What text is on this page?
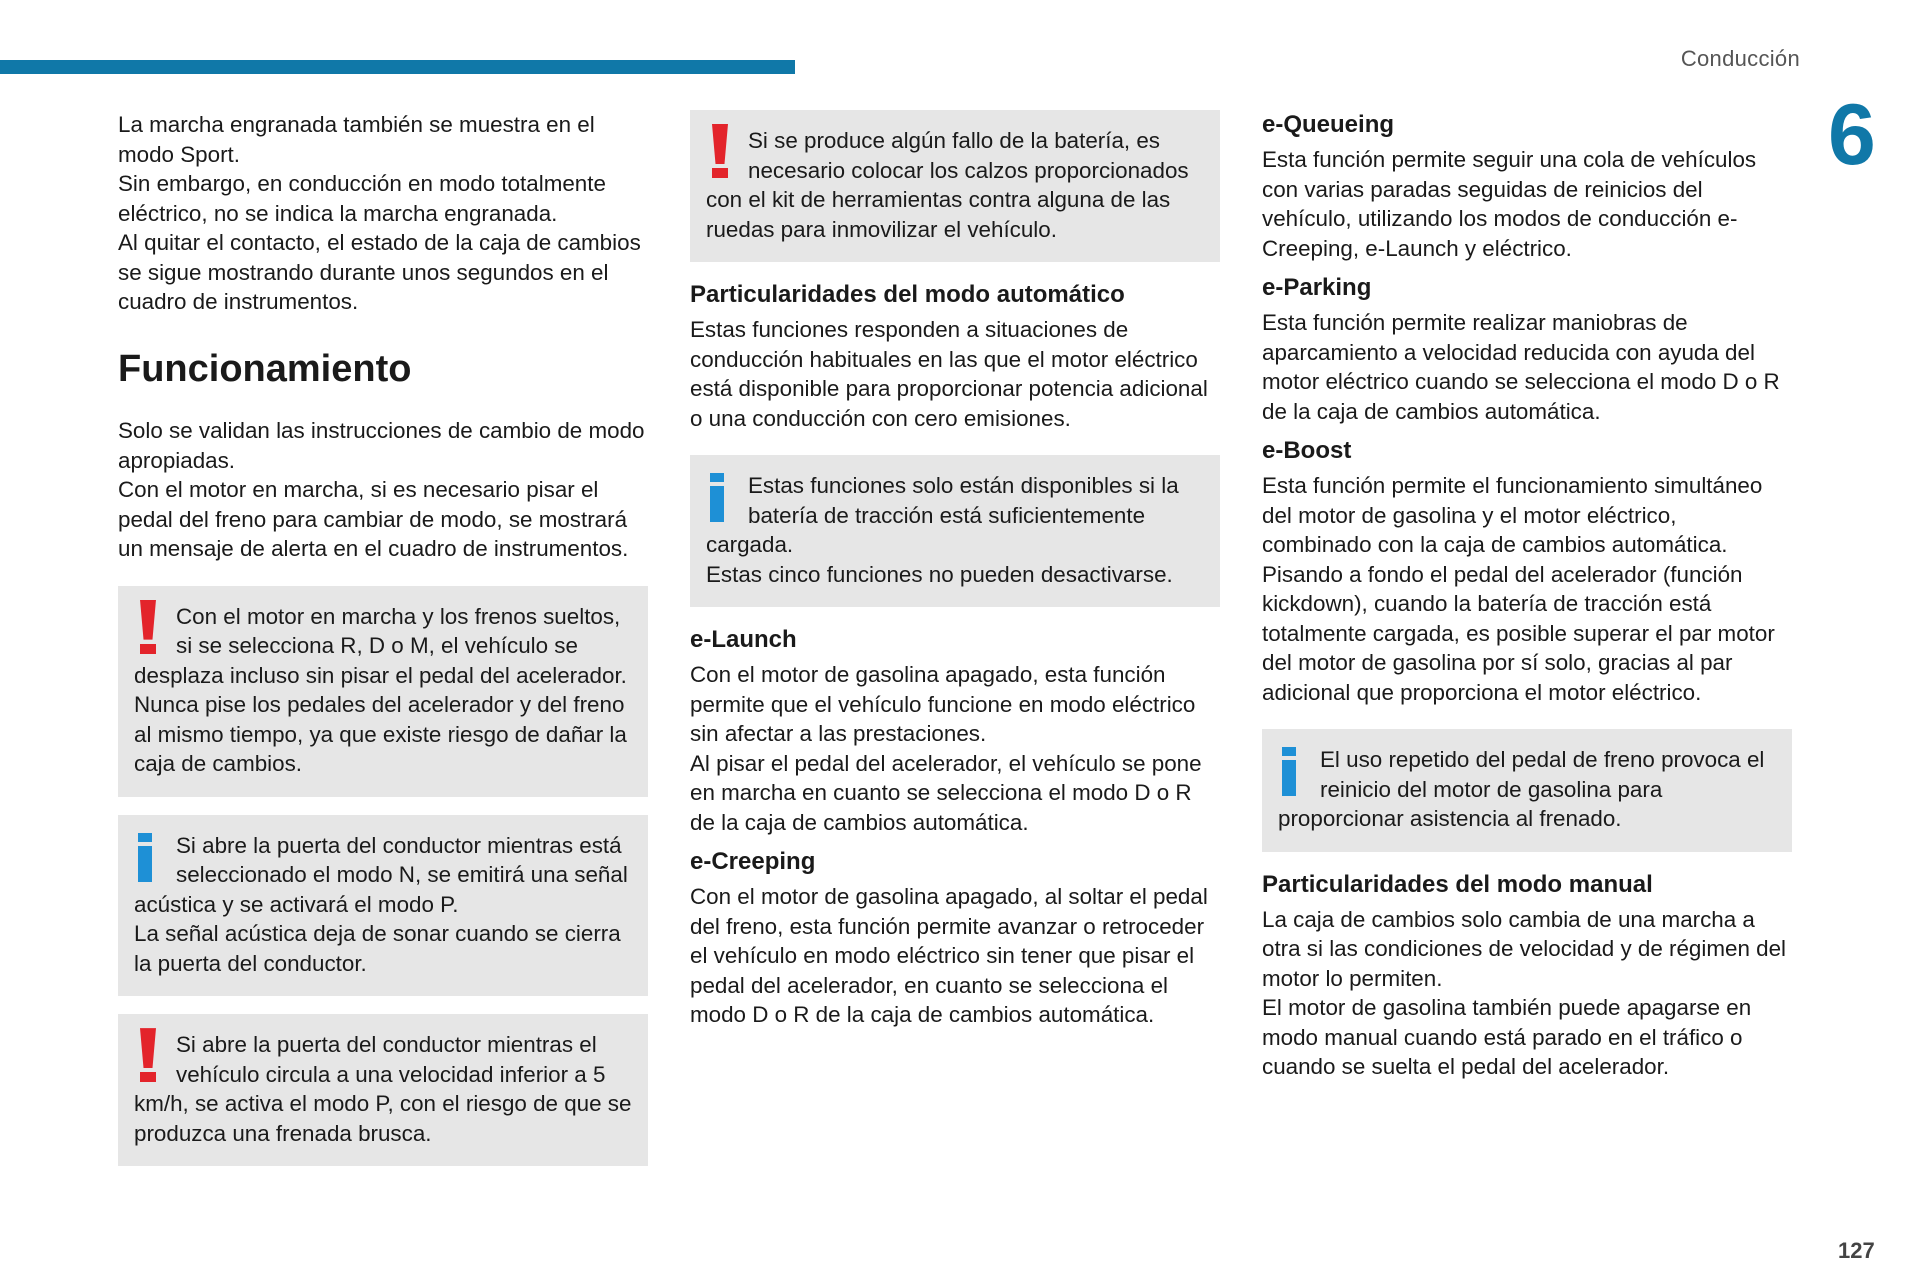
Conducción
6

La marcha engranada también se muestra en el modo Sport.

Sin embargo, en conducción en modo totalmente eléctrico, no se indica la marcha engranada.

Al quitar el contacto, el estado de la caja de cambios se sigue mostrando durante unos segundos en el cuadro de instrumentos.

Funcionamiento

Solo se validan las instrucciones de cambio de modo apropiadas.

Con el motor en marcha, si es necesario pisar el pedal del freno para cambiar de modo, se mostrará un mensaje de alerta en el cuadro de instrumentos.

Con el motor en marcha y los frenos sueltos, si se selecciona R, D o M, el vehículo se desplaza incluso sin pisar el pedal del acelerador.

Nunca pise los pedales del acelerador y del freno al mismo tiempo, ya que existe riesgo de dañar la caja de cambios.

Si abre la puerta del conductor mientras está seleccionado el modo N, se emitirá una señal acústica y se activará el modo P.

La señal acústica deja de sonar cuando se cierra la puerta del conductor.

Si abre la puerta del conductor mientras el vehículo circula a una velocidad inferior a 5 km/h, se activa el modo P, con el riesgo de que se produzca una frenada brusca.

Si se produce algún fallo de la batería, es necesario colocar los calzos proporcionados con el kit de herramientas contra alguna de las ruedas para inmovilizar el vehículo.

Particularidades del modo automático

Estas funciones responden a situaciones de conducción habituales en las que el motor eléctrico está disponible para proporcionar potencia adicional o una conducción con cero emisiones.

Estas funciones solo están disponibles si la batería de tracción está suficientemente cargada.

Estas cinco funciones no pueden desactivarse.

e-Launch

Con el motor de gasolina apagado, esta función permite que el vehículo funcione en modo eléctrico sin afectar a las prestaciones.

Al pisar el pedal del acelerador, el vehículo se pone en marcha en cuanto se selecciona el modo D o R de la caja de cambios automática.

e-Creeping

Con el motor de gasolina apagado, al soltar el pedal del freno, esta función permite avanzar o retroceder el vehículo en modo eléctrico sin tener que pisar el pedal del acelerador, en cuanto se selecciona el modo D o R de la caja de cambios automática.

e-Queueing

Esta función permite seguir una cola de vehículos con varias paradas seguidas de reinicios del vehículo, utilizando los modos de conducción e-Creeping, e-Launch y eléctrico.

e-Parking

Esta función permite realizar maniobras de aparcamiento a velocidad reducida con ayuda del motor eléctrico cuando se selecciona el modo D o R de la caja de cambios automática.

e-Boost

Esta función permite el funcionamiento simultáneo del motor de gasolina y el motor eléctrico, combinado con la caja de cambios automática.

Pisando a fondo el pedal del acelerador (función kickdown), cuando la batería de tracción está totalmente cargada, es posible superar el par motor del motor de gasolina por sí solo, gracias al par adicional que proporciona el motor eléctrico.

El uso repetido del pedal de freno provoca el reinicio del motor de gasolina para proporcionar asistencia al frenado.

Particularidades del modo manual

La caja de cambios solo cambia de una marcha a otra si las condiciones de velocidad y de régimen del motor lo permiten.

El motor de gasolina también puede apagarse en modo manual cuando está parado en el tráfico o cuando se suelta el pedal del acelerador.

127
